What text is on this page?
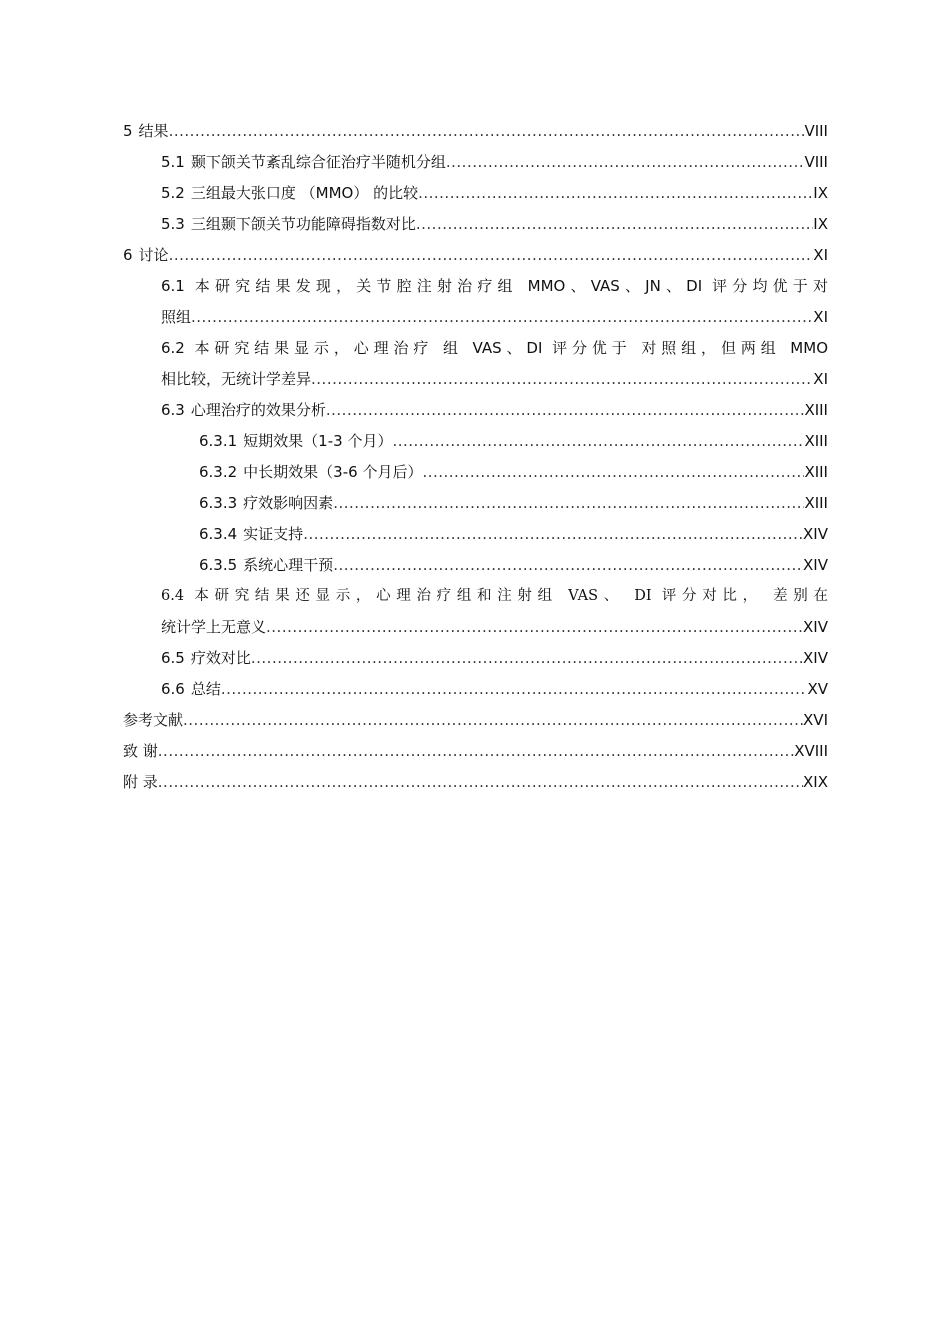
5 结果 .....	VIII
5.1 颞下颌关节紊乱综合征治疗半随机分组 .....	VIII
5.2 三组最大张口度 （MMO） 的比较 .....	IX
5.3 三组颞下颌关节功能障碍指数对比 .....	IX
6 讨论 .....	XI
6.1 本研究结果发现，关节腔注射治疗组 MMO、VAS、JN、DI 评分均优于对
照组 .....	XI
6.2 本研究结果显示，心理治疗 组 VAS、DI 评分优于 对照组，但两组 MMO
相比较，无统计学差异 .....	XI
6.3 心理治疗的效果分析 .....	XIII
6.3.1 短期效果（1-3 个月） .....	XIII
6.3.2 中长期效果（3-6 个月后） .....	XIII
6.3.3 疗效影响因素 .....	XIII
6.3.4 实证支持 .....	XIV
6.3.5 系统心理干预 .....	XIV
6.4 本研究结果还显示，心理治疗组和注射组 VAS、 DI 评分对比， 差别在
统计学上无意义 .....	XIV
6.5 疗效对比 .....	XIV
6.6 总结 .....	XV
参考文献 .....	XVI
致 谢 .....	XVIII
附 录 .....	XIX
